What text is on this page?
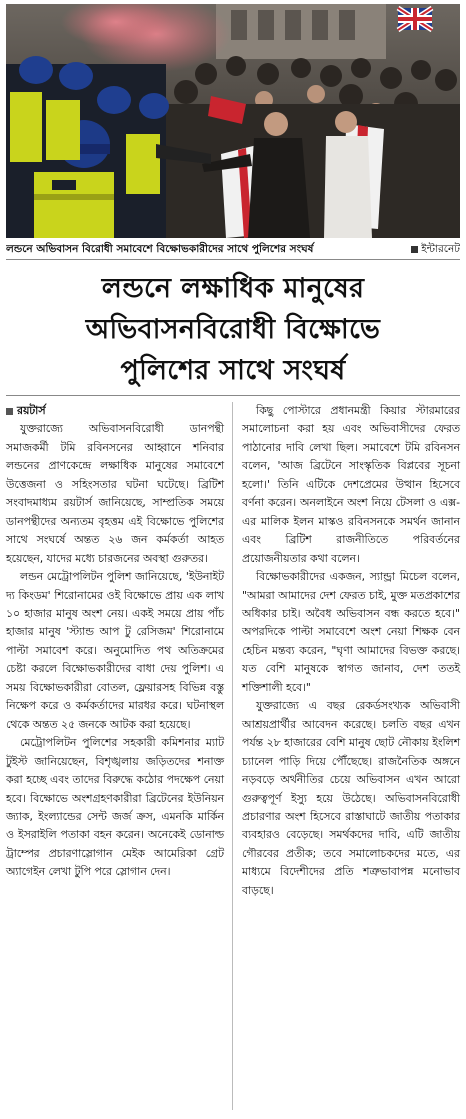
লন্ডনে অভিবাসন বিরোধী সমাবেশে বিক্ষোভকারীদের সাথে পুলিশের সংঘর্ষ	ইন্টারনেট
লন্ডনে লক্ষাধিক মানুষের
অভিবাসনবিরোধী বিক্ষোভে
পুলিশের সাথে সংঘর্ষ

রয়টার্স

যুক্তরাজ্যে অভিবাসনবিরোধী ডানপন্থী সমাজকর্মী টমি রবিনসনের আহ্বানে শনিবার লন্ডনের প্রাণকেন্দ্রে লক্ষাধিক মানুষের সমাবেশে উত্তেজনা ও সহিংসতার ঘটনা ঘটেছে। ব্রিটিশ সংবাদমাধ্যম রয়টার্স জানিয়েছে, সাম্প্রতিক সময়ে ডানপন্থীদের অন্যতম বৃহত্তম এই বিক্ষোভে পুলিশের সাথে সংঘর্ষে অন্তত ২৬ জন কর্মকর্তা আহত হয়েছেন, যাদের মধ্যে চারজনের অবস্থা গুরুতর।

লন্ডন মেট্রোপলিটন পুলিশ জানিয়েছে, 'ইউনাইট দ্য কিংডম' শিরোনামের ওই বিক্ষোভে প্রায় এক লাখ ১০ হাজার মানুষ অংশ নেয়। একই সময়ে প্রায় পাঁচ হাজার মানুষ 'স্ট্যান্ড আপ টু রেসিজম' শিরোনামে পাল্টা সমাবেশ করে। অনুমোদিত পথ অতিক্রমের চেষ্টা করলে বিক্ষোভকারীদের বাধা দেয় পুলিশ। এ সময় বিক্ষোভকারীরা বোতল, ফ্লেয়ারসহ বিভিন্ন বস্তু নিক্ষেপ করে ও কর্মকর্তাদের মারধর করে। ঘটনাস্থল থেকে অন্তত ২৫ জনকে আটক করা হয়েছে।

মেট্রোপলিটন পুলিশের সহকারী কমিশনার ম্যাট টুইস্ট জানিয়েছেন, বিশৃঙ্খলায় জড়িতদের শনাক্ত করা হচ্ছে এবং তাদের বিরুদ্ধে কঠোর পদক্ষেপ নেয়া হবে। বিক্ষোভে অংশগ্রহণকারীরা ব্রিটেনের ইউনিয়ন জ্যাক, ইংল্যান্ডের সেন্ট জর্জ ক্রস, এমনকি মার্কিন ও ইসরাইলি পতাকা বহন করেন। অনেকেই ডোনাল্ড ট্রাম্পের প্রচারণাস্লোগান মেইক আমেরিকা গ্রেট অ্যাগেইন লেখা টুপি পরে স্লোগান দেন।

কিছু পোস্টারে প্রধানমন্ত্রী কিয়ার স্টারমারের সমালোচনা করা হয় এবং অভিবাসীদের ফেরত পাঠানোর দাবি লেখা ছিল। সমাবেশে টমি রবিনসন বলেন, 'আজ ব্রিটেনে সাংস্কৃতিক বিপ্লবের সূচনা হলো।' তিনি এটিকে দেশপ্রেমের উত্থান হিসেবে বর্ণনা করেন। অনলাইনে অংশ নিয়ে টেসলা ও এক্স-এর মালিক ইলন মাস্কও রবিনসনকে সমর্থন জানান এবং ব্রিটিশ রাজনীতিতে পরিবর্তনের প্রয়োজনীয়তার কথা বলেন।

বিক্ষোভকারীদের একজন, স্যান্ড্রা মিচেল বলেন, "আমরা আমাদের দেশ ফেরত চাই, মুক্ত মতপ্রকাশের অধিকার চাই। অবৈধ অভিবাসন বন্ধ করতে হবে।" অপরদিকে পাল্টা সমাবেশে অংশ নেয়া শিক্ষক বেন হেচিন মন্তব্য করেন, "ঘৃণা আমাদের বিভক্ত করছে। যত বেশি মানুষকে স্বাগত জানাব, দেশ ততই শক্তিশালী হবে।"

যুক্তরাজ্যে এ বছর রেকর্ডসংখ্যক অভিবাসী আশ্রয়প্রার্থীর আবেদন করেছে। চলতি বছর এখন পর্যন্ত ২৮ হাজারের বেশি মানুষ ছোট নৌকায় ইংলিশ চ্যানেল পাড়ি দিয়ে পৌঁছেছে। রাজনৈতিক অঙ্গনে নড়বড়ে অর্থনীতির চেয়ে অভিবাসন এখন আরো গুরুত্বপূর্ণ ইস্যু হয়ে উঠেছে। অভিবাসনবিরোধী প্রচারণার অংশ হিসেবে রাস্তাঘাটে জাতীয় পতাকার ব্যবহারও বেড়েছে। সমর্থকদের দাবি, এটি জাতীয় গৌরবের প্রতীক; তবে সমালোচকদের মতে, এর মাধ্যমে বিদেশীদের প্রতি শত্রুভাবাপন্ন মনোভাব বাড়ছে।
